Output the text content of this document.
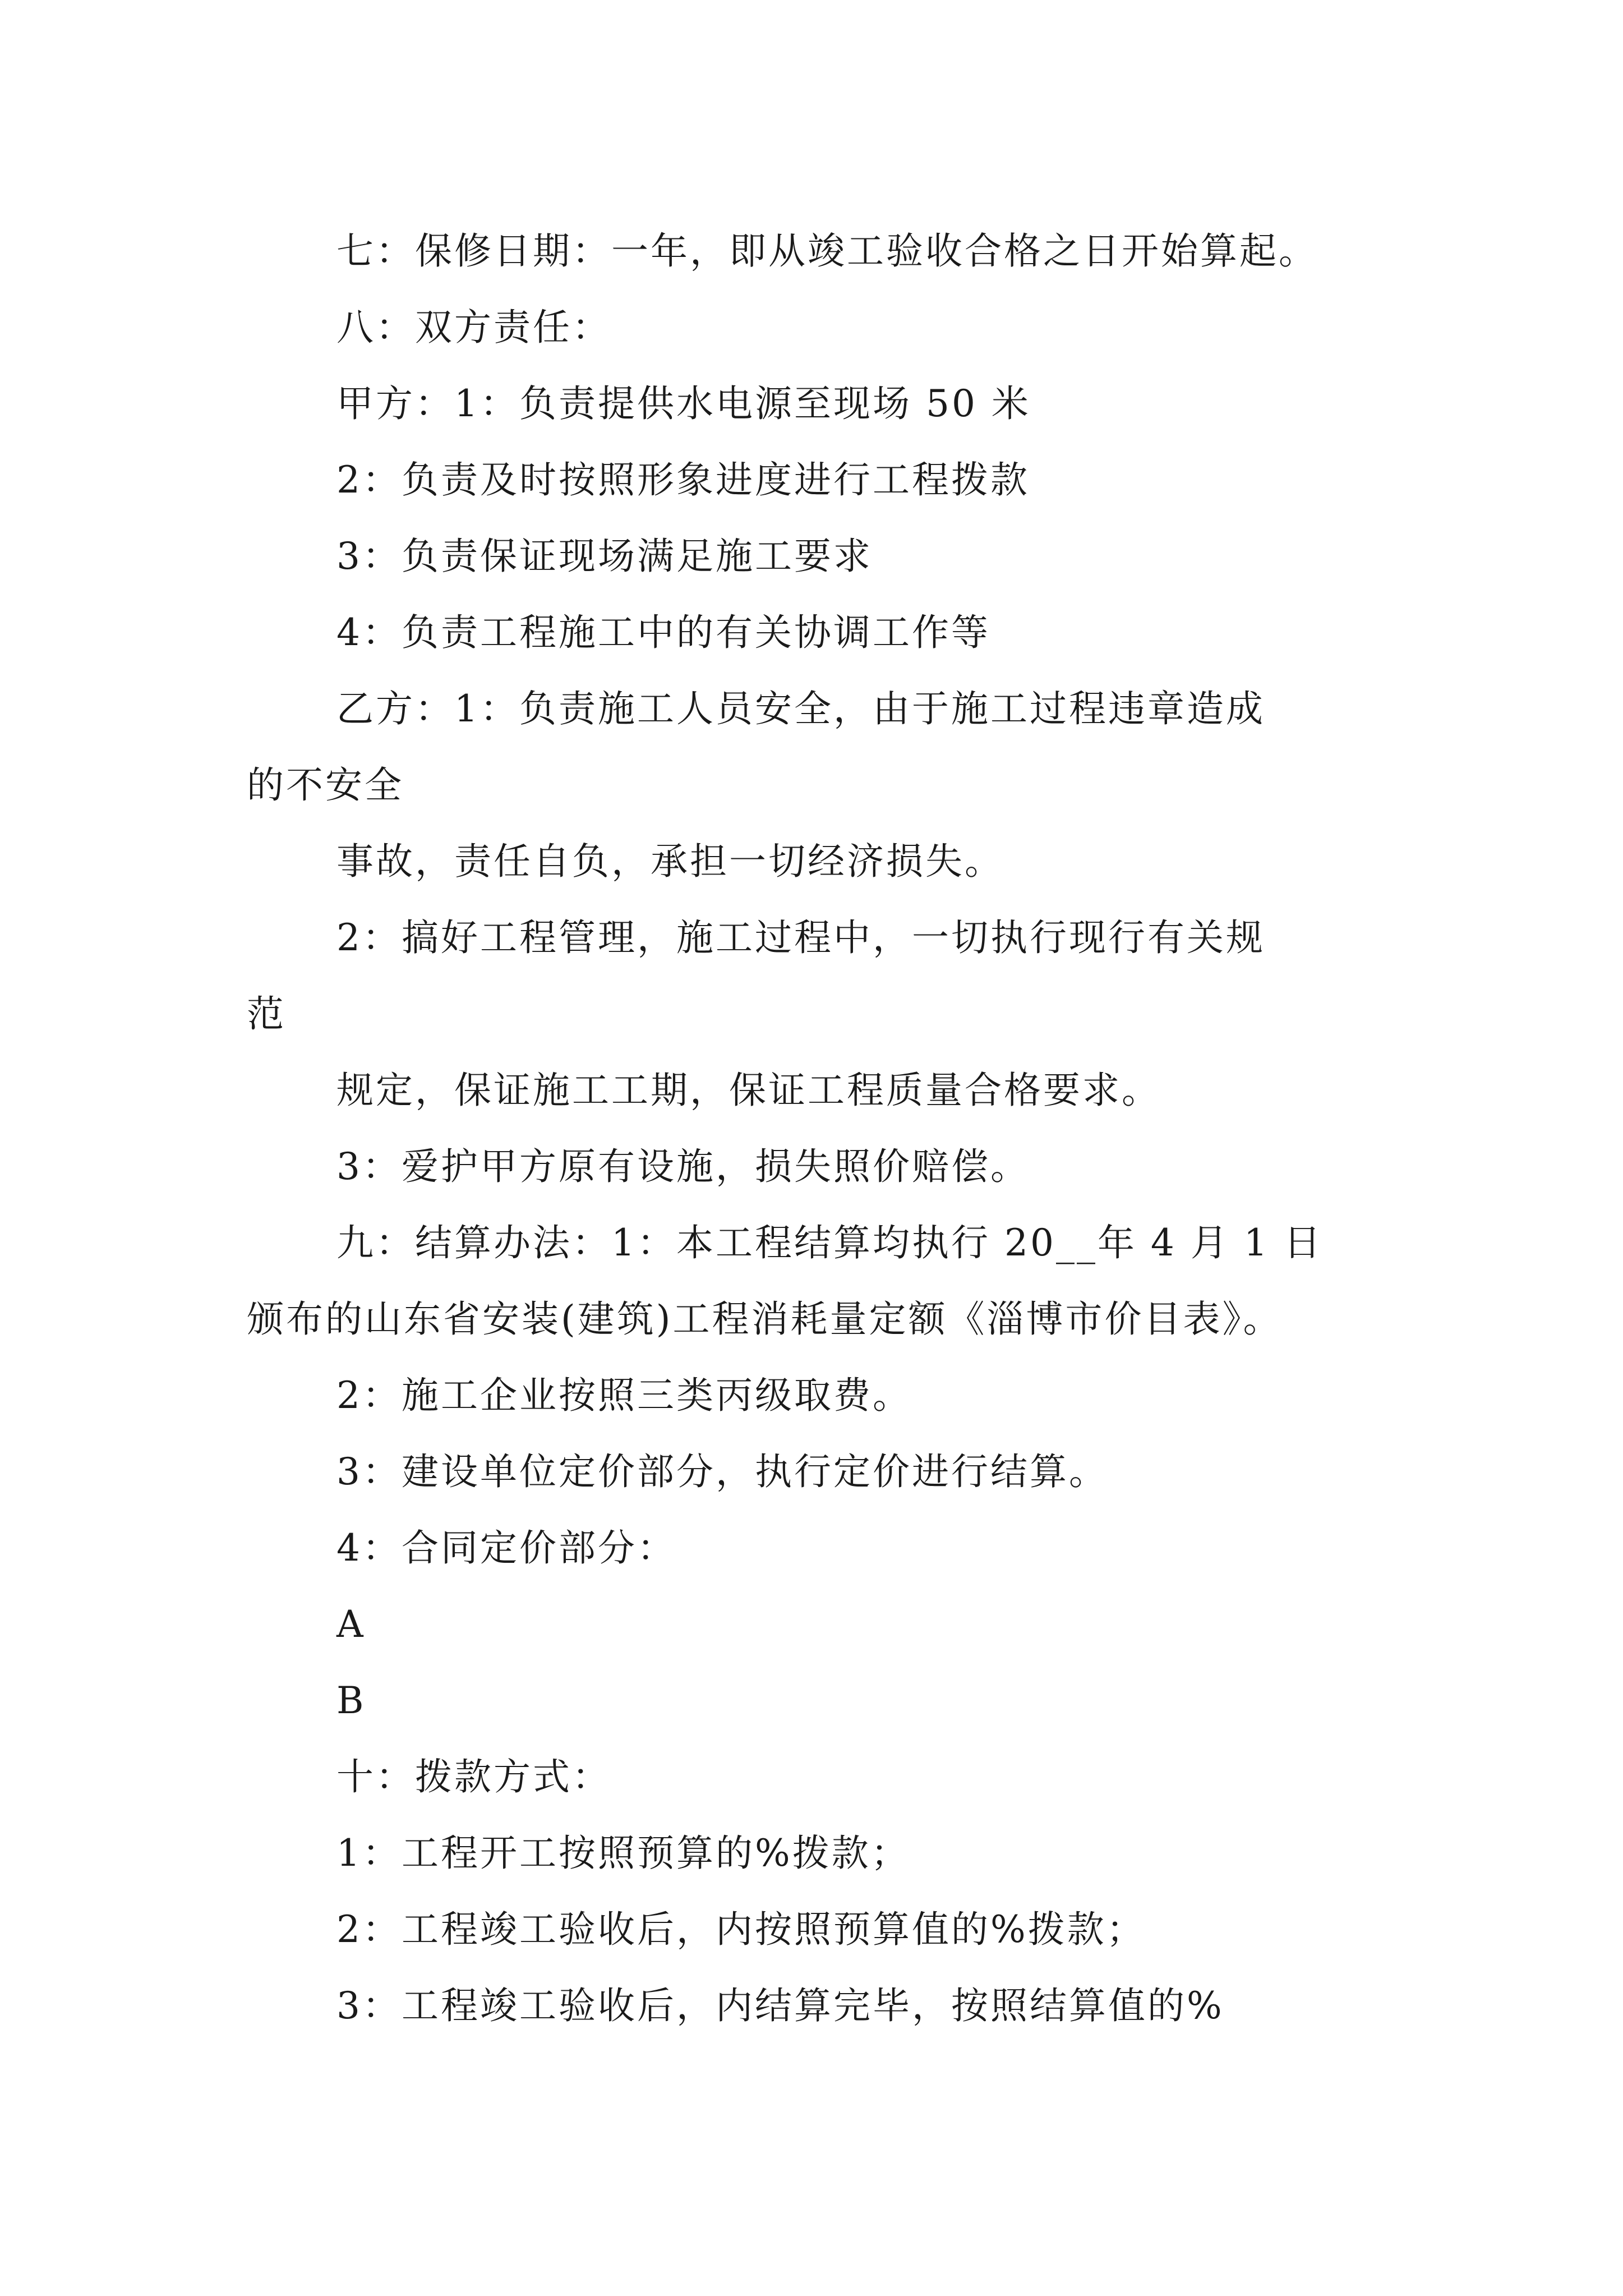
七：保修日期：一年，即从竣工验收合格之日开始算起。
八：双方责任：
甲方：1：负责提供水电源至现场 50 米
2：负责及时按照形象进度进行工程拨款
3：负责保证现场满足施工要求
4：负责工程施工中的有关协调工作等
乙方：1：负责施工人员安全，由于施工过程违章造成
的不安全
事故，责任自负，承担一切经济损失。
2：搞好工程管理，施工过程中，一切执行现行有关规
范
规定，保证施工工期，保证工程质量合格要求。
3：爱护甲方原有设施，损失照价赔偿。
九：结算办法：1：本工程结算均执行 20__年 4 月 1 日
颁布的山东省安装(建筑)工程消耗量定额《淄博市价目表》。
2：施工企业按照三类丙级取费。
3：建设单位定价部分，执行定价进行结算。
4：合同定价部分：
A
B
十：拨款方式：
1：工程开工按照预算的%拨款；
2：工程竣工验收后，内按照预算值的%拨款；
3：工程竣工验收后，内结算完毕，按照结算值的%
